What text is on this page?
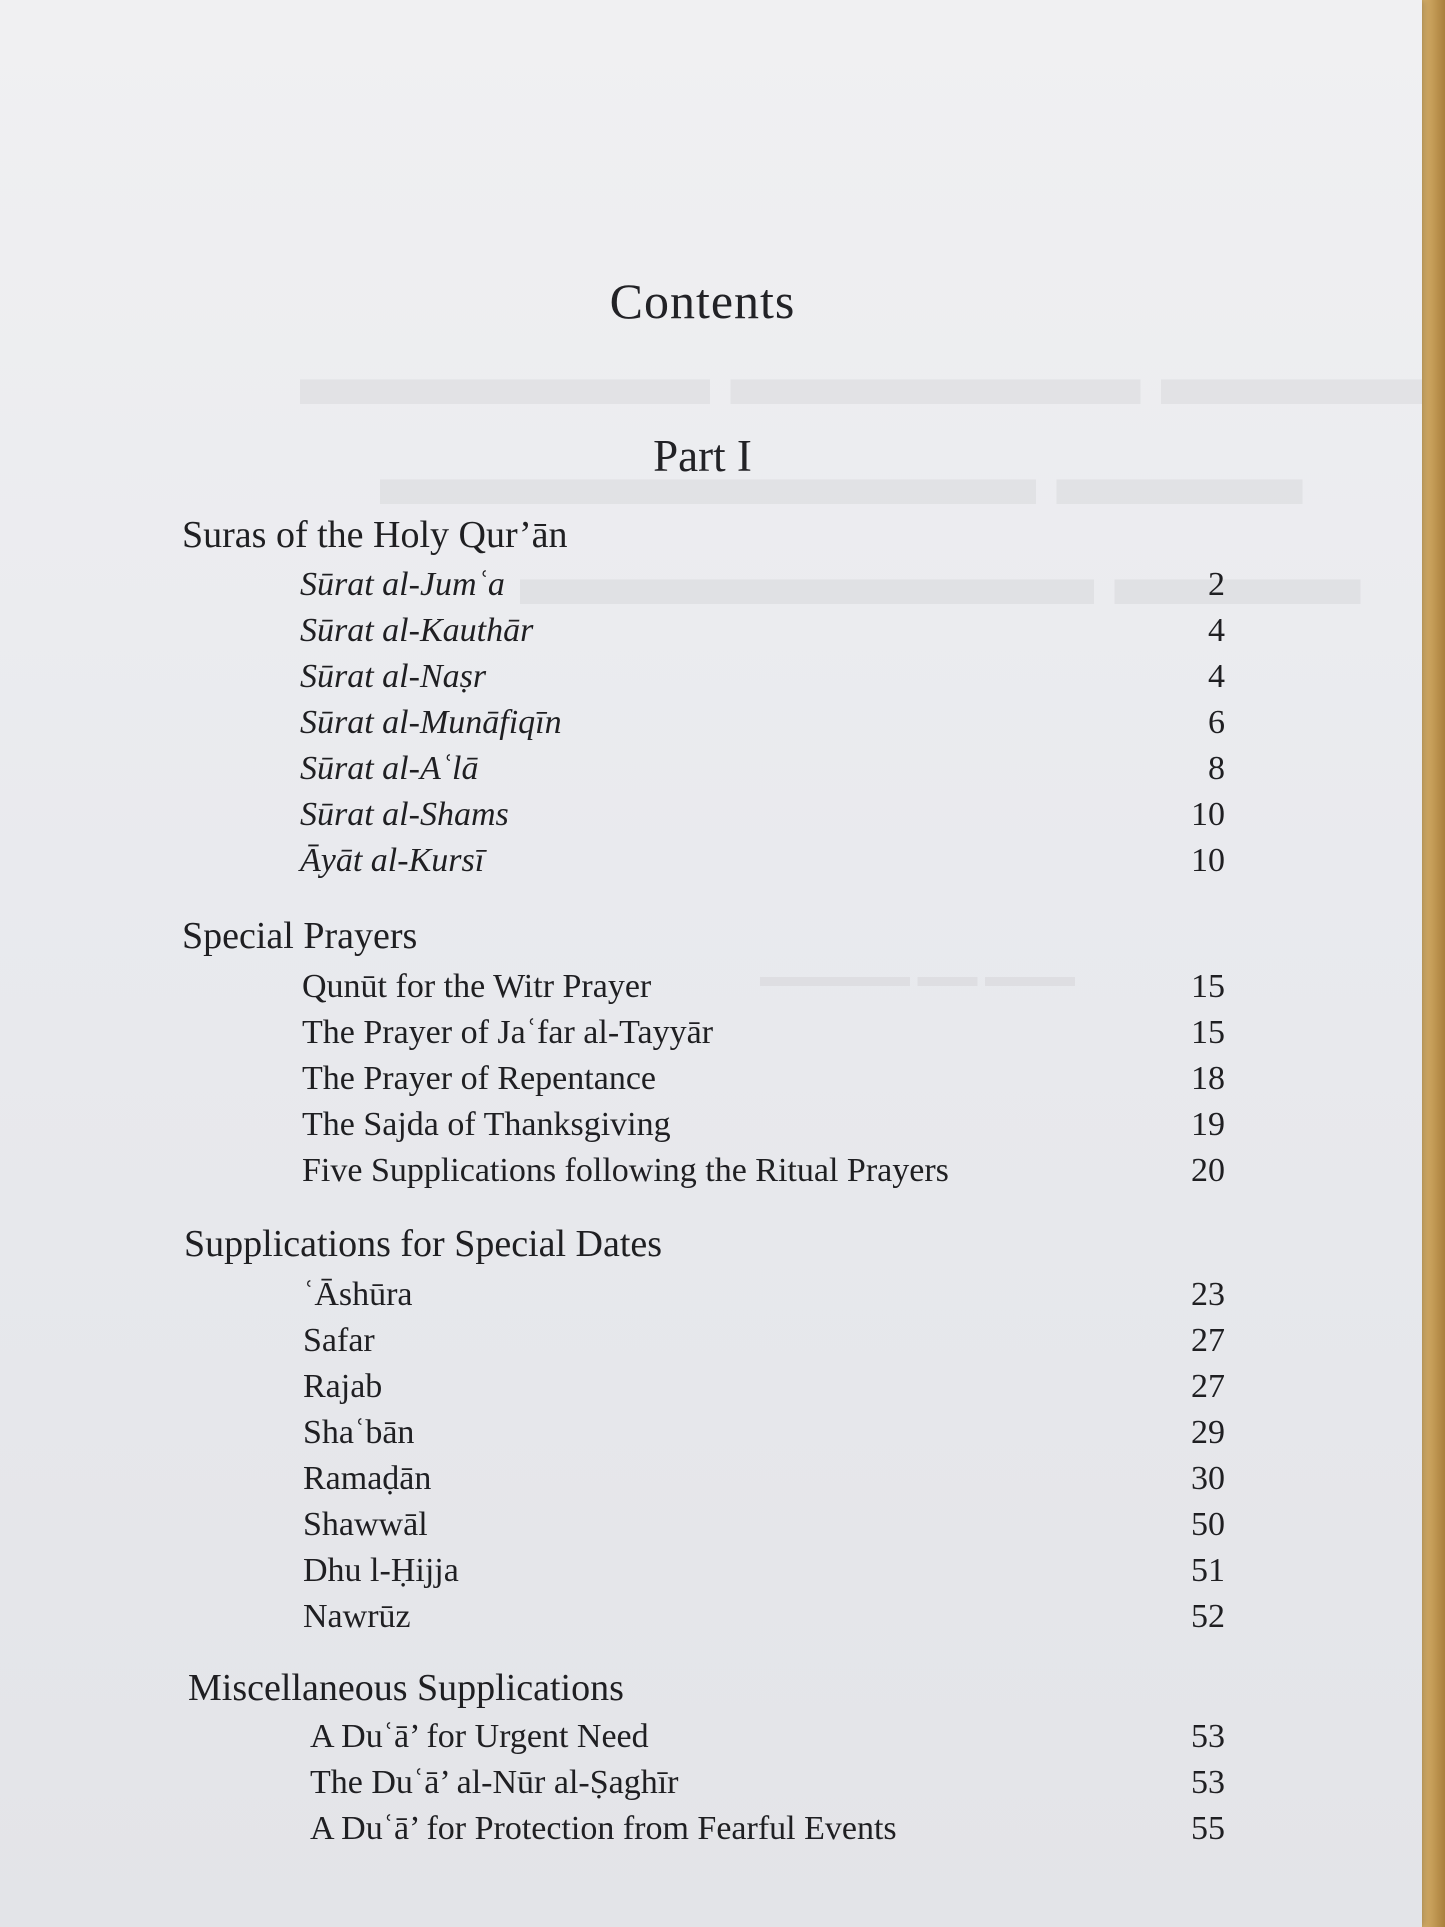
Contents
Part I
Suras of the Holy Qur’ān
Sūrat al-Jumʿa	2
Sūrat al-Kauthār	4
Sūrat al-Naṣr	4
Sūrat al-Munāfiqīn	6
Sūrat al-Aʿlā	8
Sūrat al-Shams	10
Āyāt al-Kursī	10
Special Prayers
Qunūt for the Witr Prayer	15
The Prayer of Jaʿfar al-Tayyār	15
The Prayer of Repentance	18
The Sajda of Thanksgiving	19
Five Supplications following the Ritual Prayers	20
Supplications for Special Dates
ʿĀshūra	23
Safar	27
Rajab	27
Shaʿbān	29
Ramaḍān	30
Shawwāl	50
Dhu l-Ḥijja	51
Nawrūz	52
Miscellaneous Supplications
A Duʿā’ for Urgent Need	53
The Duʿā’ al-Nūr al-Ṣaghīr	53
A Duʿā’ for Protection from Fearful Events	55
